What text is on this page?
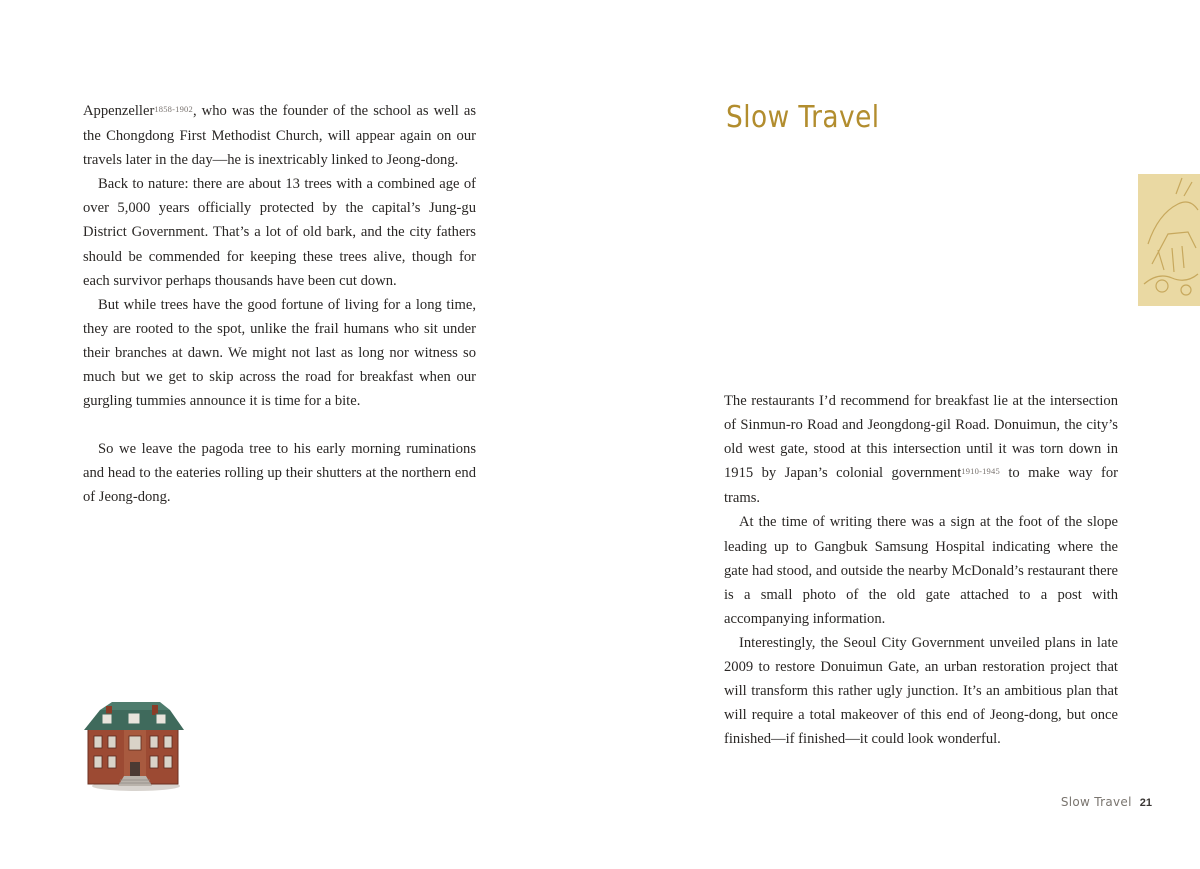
Appenzeller$^{1858-1902}$, who was the founder of the school as well as the Chongdong First Methodist Church, will appear again on our travels later in the day—he is inextricably linked to Jeong-dong.

Back to nature: there are about 13 trees with a combined age of over 5,000 years officially protected by the capital’s Jung-gu District Government. That’s a lot of old bark, and the city fathers should be commended for keeping these trees alive, though for each survivor perhaps thousands have been cut down.

But while trees have the good fortune of living for a long time, they are rooted to the spot, unlike the frail humans who sit under their branches at dawn. We might not last as long nor witness so much but we get to skip across the road for breakfast when our gurgling tummies announce it is time for a bite.

So we leave the pagoda tree to his early morning ruminations and head to the eateries rolling up their shutters at the northern end of Jeong-dong.

Slow Travel

The restaurants I’d recommend for breakfast lie at the intersection of Sinmun-ro Road and Jeongdong-gil Road. Donuimun, the city’s old west gate, stood at this intersection until it was torn down in 1915 by Japan’s colonial government$^{1910-1945}$ to make way for trams.

At the time of writing there was a sign at the foot of the slope leading up to Gangbuk Samsung Hospital indicating where the gate had stood, and outside the nearby McDonald’s restaurant there is a small photo of the old gate attached to a post with accompanying information.

Interestingly, the Seoul City Government unveiled plans in late 2009 to restore Donuimun Gate, an urban restoration project that will transform this rather ugly junction. It’s an ambitious plan that will require a total makeover of this end of Jeong-dong, but once finished—if finished—it could look wonderful.

Slow Travel 21
